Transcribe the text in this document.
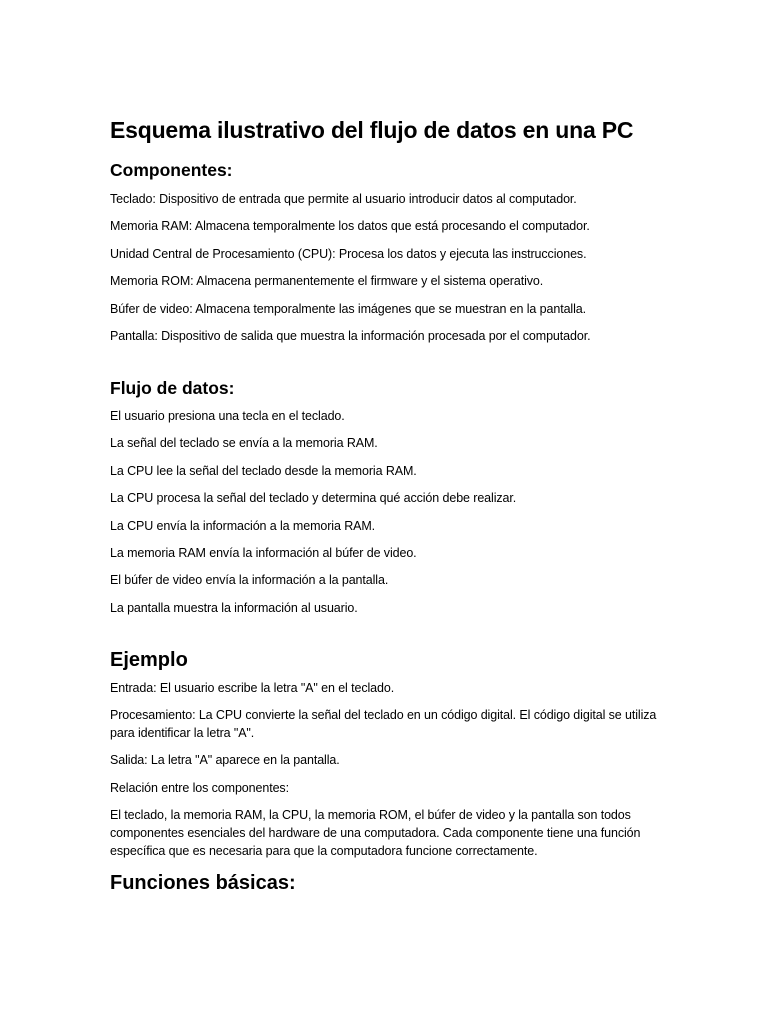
Esquema ilustrativo del flujo de datos en una PC
Componentes:

Teclado: Dispositivo de entrada que permite al usuario introducir datos al computador.

Memoria RAM: Almacena temporalmente los datos que está procesando el computador.

Unidad Central de Procesamiento (CPU): Procesa los datos y ejecuta las instrucciones.

Memoria ROM: Almacena permanentemente el firmware y el sistema operativo.

Búfer de video: Almacena temporalmente las imágenes que se muestran en la pantalla.

Pantalla: Dispositivo de salida que muestra la información procesada por el computador.

Flujo de datos:

El usuario presiona una tecla en el teclado.

La señal del teclado se envía a la memoria RAM.

La CPU lee la señal del teclado desde la memoria RAM.

La CPU procesa la señal del teclado y determina qué acción debe realizar.

La CPU envía la información a la memoria RAM.

La memoria RAM envía la información al búfer de video.

El búfer de video envía la información a la pantalla.

La pantalla muestra la información al usuario.

Ejemplo

Entrada: El usuario escribe la letra "A" en el teclado.

Procesamiento: La CPU convierte la señal del teclado en un código digital. El código digital se utiliza para identificar la letra "A".

Salida: La letra "A" aparece en la pantalla.

Relación entre los componentes:

El teclado, la memoria RAM, la CPU, la memoria ROM, el búfer de video y la pantalla son todos componentes esenciales del hardware de una computadora. Cada componente tiene una función específica que es necesaria para que la computadora funcione correctamente.

Funciones básicas:
